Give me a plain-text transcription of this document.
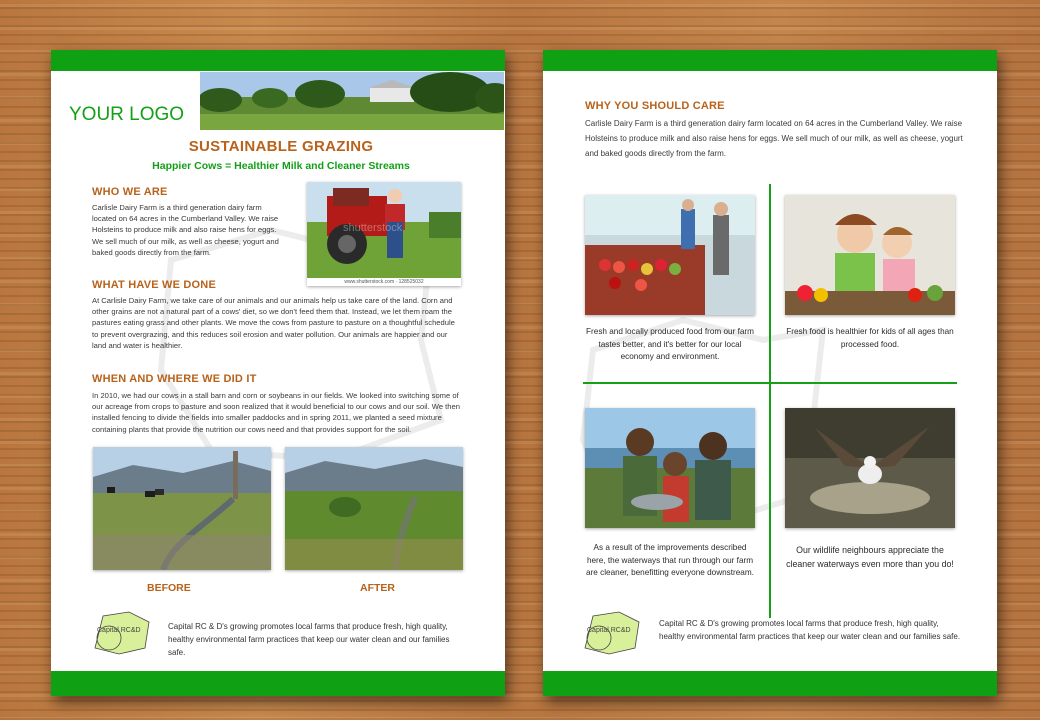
YOUR LOGO
SUSTAINABLE GRAZING
Happier Cows = Healthier Milk and Cleaner Streams
WHO WE ARE
Carlisle Dairy Farm is a third generation dairy farm located on 64 acres in the Cumberland Valley. We raise Holsteins to produce milk and also raise hens for eggs. We sell much of our milk, as well as cheese, yogurt and baked goods directly from the farm.
www.shutterstock.com · 128525032
shutterstock
WHAT HAVE WE DONE
At Carlisle Dairy Farm, we take care of our animals and our animals help us take care of the land. Corn and other grains are not a natural part of a cows' diet, so we don't feed them that. Instead, we let them roam the pastures eating grass and other plants. We move the cows from pasture to pasture on a thoughtful schedule to prevent overgrazing, and this reduces soil erosion and water pollution. Our animals are happier and our land and water is healthier.
WHEN AND WHERE WE DID IT
In 2010, we had our cows in a stall barn and corn or soybeans in our fields. We looked into switching some of our acreage from crops to pasture and soon realized that it would beneficial to our cows and our soil. We then installed fencing to divide the fields into smaller paddocks and in spring 2011, we planted a seed mixture containing plants that provide the nutrition our cows need and that provides support for the soil.
BEFORE	AFTER
Capital RC&D	Capital RC & D's growing promotes local farms that produce fresh, high quality, healthy environmental farm practices that keep our water clean and our families safe.
WHY YOU SHOULD CARE
Carlisle Dairy Farm is a third generation dairy farm located on 64 acres in the Cumberland Valley. We raise Holsteins to produce milk and also raise hens for eggs. We sell much of our milk, as well as cheese, yogurt and baked goods directly from the farm.
Fresh and locally produced food from our farm tastes better, and it's better for our local economy and environment.
Fresh food is healthier for kids of all ages than processed food.
As a result of the improvements described here, the waterways that run through our farm are cleaner, benefitting everyone downstream.
Our wildlife neighbours appreciate the cleaner waterways even more than you do!
Capital RC&D
Capital RC & D's growing promotes local farms that produce fresh, high quality, healthy environmental farm practices that keep our water clean and our families safe.
